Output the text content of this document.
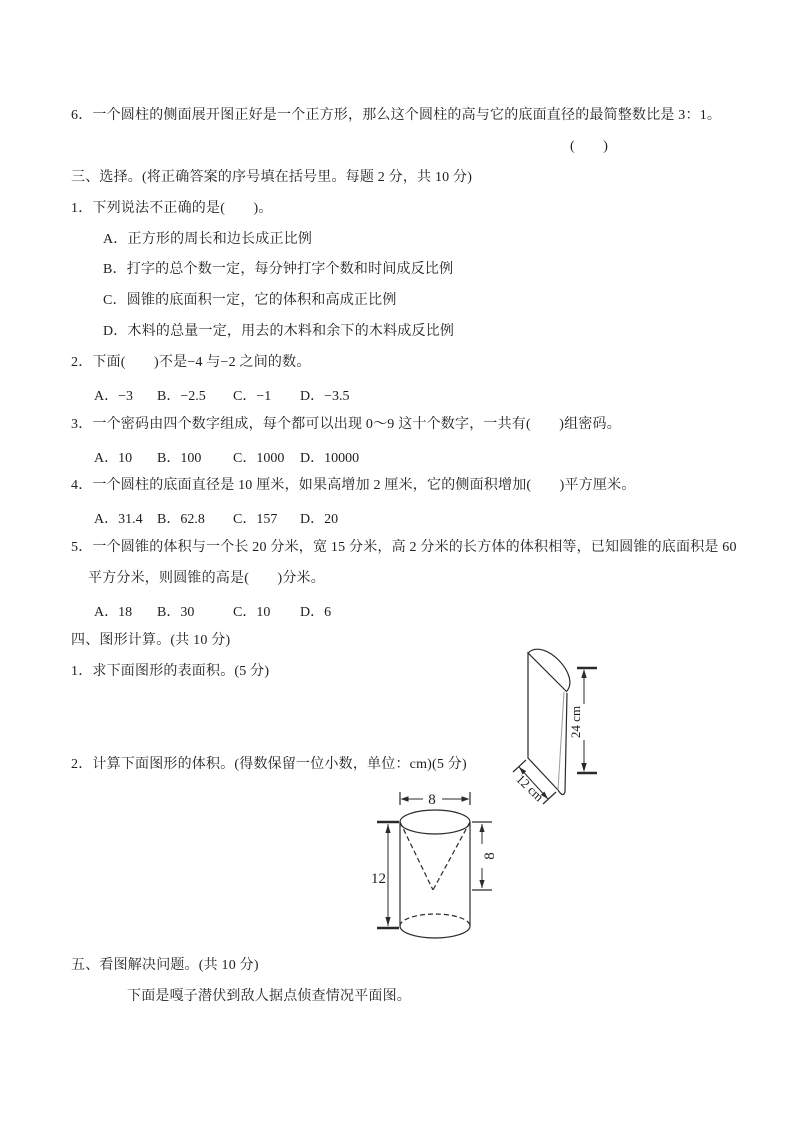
6．一个圆柱的侧面展开图正好是一个正方形，那么这个圆柱的高与它的底面直径的最简整数比是 3：1。
(　　)
三、选择。(将正确答案的序号填在括号里。每题 2 分，共 10 分)
1．下列说法不正确的是(　　)。
A．正方形的周长和边长成正比例
B．打字的总个数一定，每分钟打字个数和时间成反比例
C．圆锥的底面积一定，它的体积和高成正比例
D．木料的总量一定，用去的木料和余下的木料成反比例
2．下面(　　)不是−4 与−2 之间的数。
A．−3 B．−2.5 C．−1 D．−3.5
3．一个密码由四个数字组成，每个都可以出现 0～9 这十个数字，一共有(　　)组密码。
A．10 B．100 C．1000 D．10000
4．一个圆柱的底面直径是 10 厘米，如果高增加 2 厘米，它的侧面积增加(　　)平方厘米。
A．31.4 B．62.8 C．157 D．20
5．一个圆锥的体积与一个长 20 分米，宽 15 分米，高 2 分米的长方体的体积相等，已知圆锥的底面积是 60
平方分米，则圆锥的高是(　　)分米。
A．18 B．30	C．10 D．6
四、图形计算。(共 10 分)
1．求下面图形的表面积。(5 分)
2．计算下面图形的体积。(得数保留一位小数，单位：cm)(5 分)
24 cm
12 cm
8
12
8
五、看图解决问题。(共 10 分)
下面是嘎子潜伏到敌人据点侦查情况平面图。
